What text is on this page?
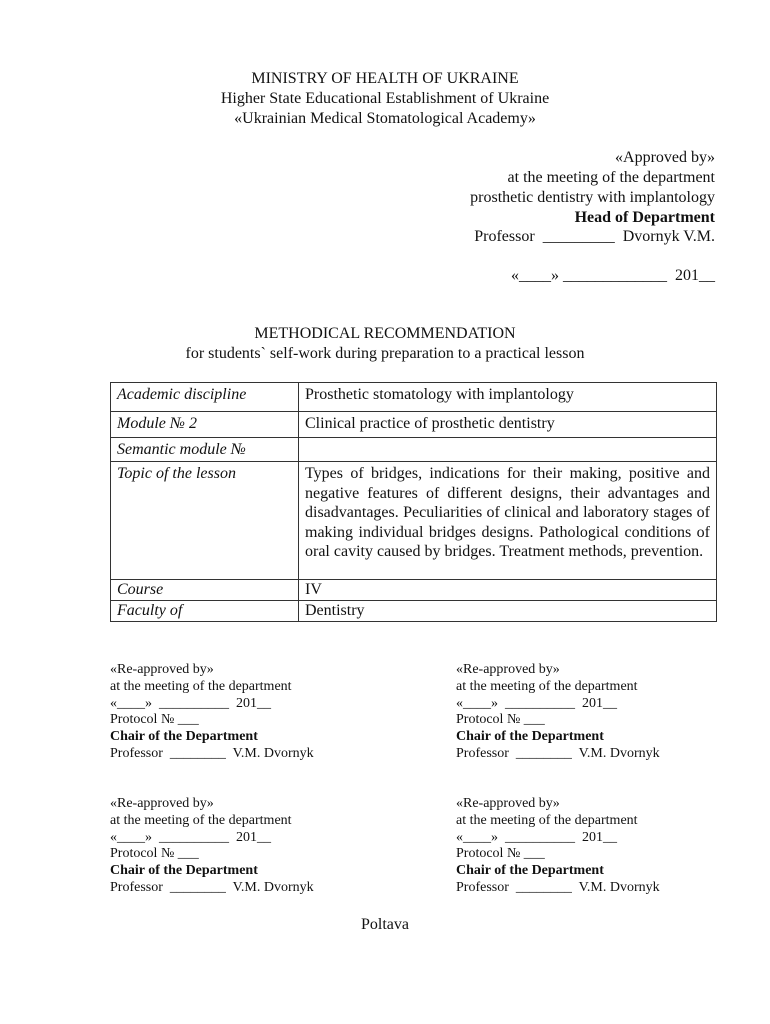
MINISTRY OF HEALTH OF UKRAINE
Higher State Educational Establishment of Ukraine
«Ukrainian Medical Stomatological Academy»
«Approved by»
at the meeting of the department
prosthetic dentistry with implantology
Head of Department
Professor  _________  Dvornyk V.M.
«____» _____________  201__
METHODICAL RECOMMENDATION
for students` self-work during preparation to a practical lesson
Academic discipline	Prosthetic stomatology with implantology
Module № 2	Clinical practice of prosthetic dentistry
Semantic module №	
Topic of the lesson	Types of bridges, indications for their making, positive and negative features of different designs, their advantages and disadvantages. Peculiarities of clinical and laboratory stages of making individual bridges designs. Pathological conditions of oral cavity caused by bridges. Treatment methods, prevention.
Course	IV
Faculty of	Dentistry
«Re-approved by»
at the meeting of the department
«____»  __________  201__
Protocol № ___
Chair of the Department
Professor  ________  V.M. Dvornyk
«Re-approved by»
at the meeting of the department
«____»  __________  201__
Protocol № ___
Chair of the Department
Professor  ________  V.M. Dvornyk
«Re-approved by»
at the meeting of the department
«____»  __________  201__
Protocol № ___
Chair of the Department
Professor  ________  V.M. Dvornyk
«Re-approved by»
at the meeting of the department
«____»  __________  201__
Protocol № ___
Chair of the Department
Professor  ________  V.M. Dvornyk
Poltava
